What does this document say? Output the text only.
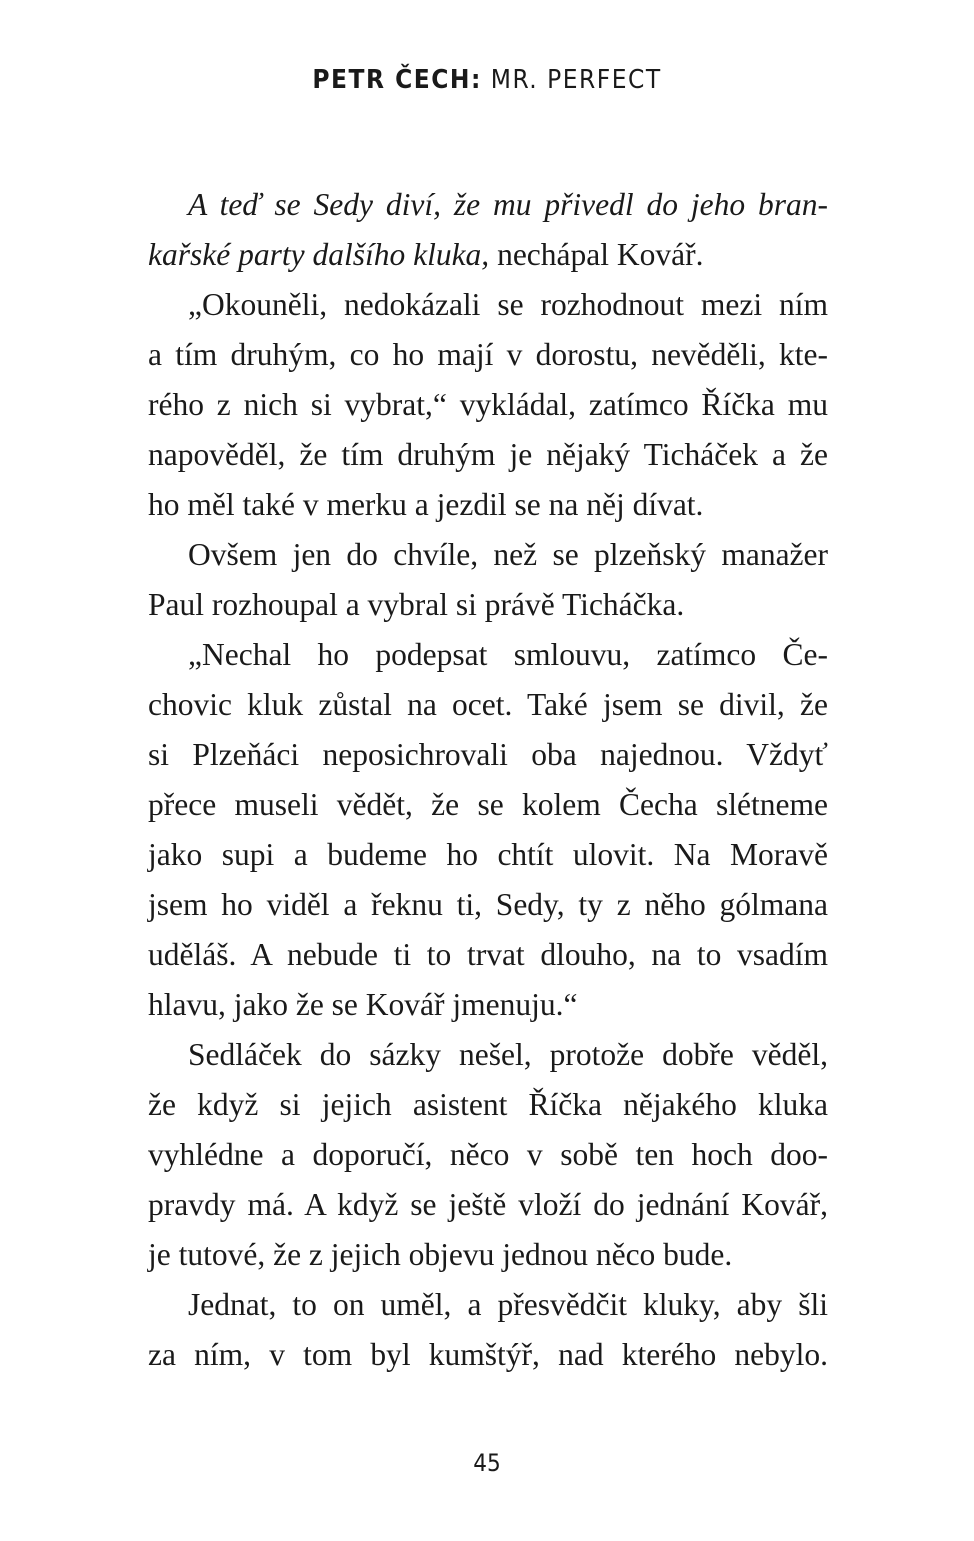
PETR ČECH: MR. PERFECT
A teď se Sedy diví, že mu přivedl do jeho bran-
kařské party dalšího kluka, nechápal Kovář.
„Okouněli, nedokázali se rozhodnout mezi ním
a tím druhým, co ho mají v dorostu, nevěděli, kte-
rého z nich si vybrat,“ vykládal, zatímco Říčka mu
napověděl, že tím druhým je nějaký Ticháček a že
ho měl také v merku a jezdil se na něj dívat.
Ovšem jen do chvíle, než se plzeňský manažer
Paul rozhoupal a vybral si právě Ticháčka.
„Nechal ho podepsat smlouvu, zatímco Če-
chovic kluk zůstal na ocet. Také jsem se divil, že
si Plzeňáci neposichrovali oba najednou. Vždyť
přece museli vědět, že se kolem Čecha slétneme
jako supi a budeme ho chtít ulovit. Na Moravě
jsem ho viděl a řeknu ti, Sedy, ty z něho gólmana
uděláš. A nebude ti to trvat dlouho, na to vsadím
hlavu, jako že se Kovář jmenuju.“
Sedláček do sázky nešel, protože dobře věděl,
že když si jejich asistent Říčka nějakého kluka
vyhlédne a doporučí, něco v sobě ten hoch doo-
pravdy má. A když se ještě vloží do jednání Kovář,
je tutové, že z jejich objevu jednou něco bude.
Jednat, to on uměl, a přesvědčit kluky, aby šli
za ním, v tom byl kumštýř, nad kterého nebylo.
45
